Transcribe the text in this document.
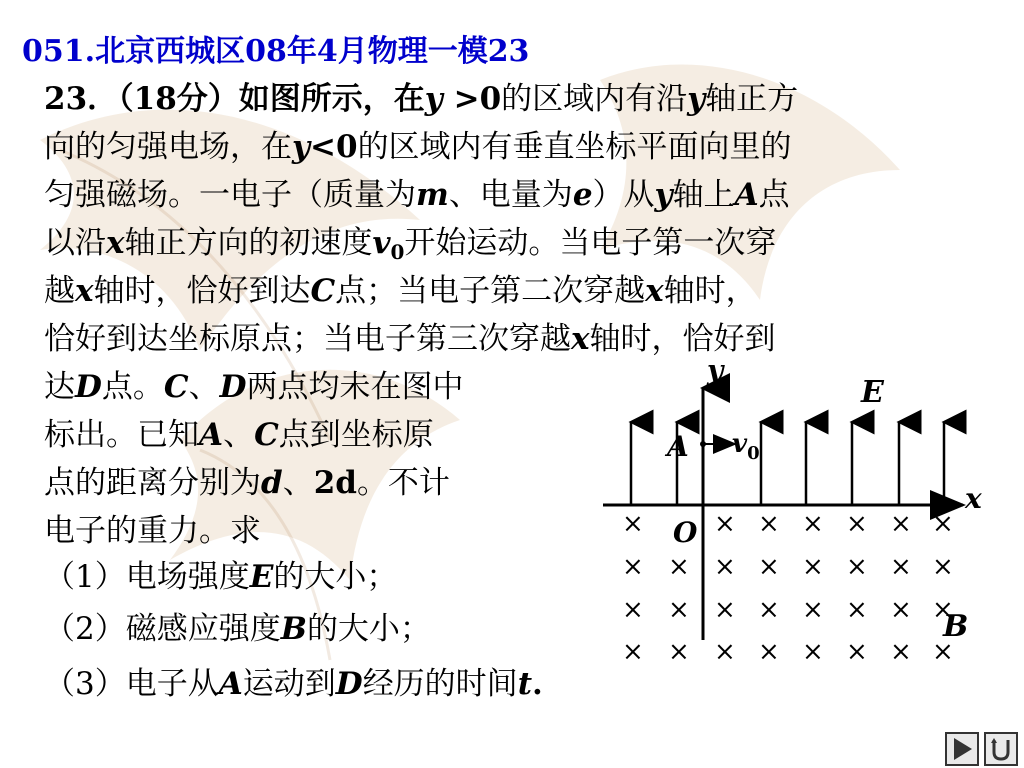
051.北京西城区08年4月物理一模23
23．（18分）如图所示，在y >0的区域内有沿y轴正方
向的匀强电场，在y<0的区域内有垂直坐标平面向里的
匀强磁场。一电子（质量为m、电量为e）从y轴上A点
以沿x轴正方向的初速度$v_0$开始运动。当电子第一次穿
越x轴时，恰好到达C点；当电子第二次穿越x轴时，
恰好到达坐标原点；当电子第三次穿越x轴时，恰好到
达D点。C、D两点均未在图中
标出。已知A、C点到坐标原
点的距离分别为d、2d。不计
电子的重力。求
（1）电场强度E的大小；
（2）磁感应强度B的大小；
（3）电子从A运动到D经历的时间t.
A $v_0$
y
x
O
E
B
×	× × × × × ×
× × × × × × × ×
× × × × × × × ×
× × × × × × × ×
